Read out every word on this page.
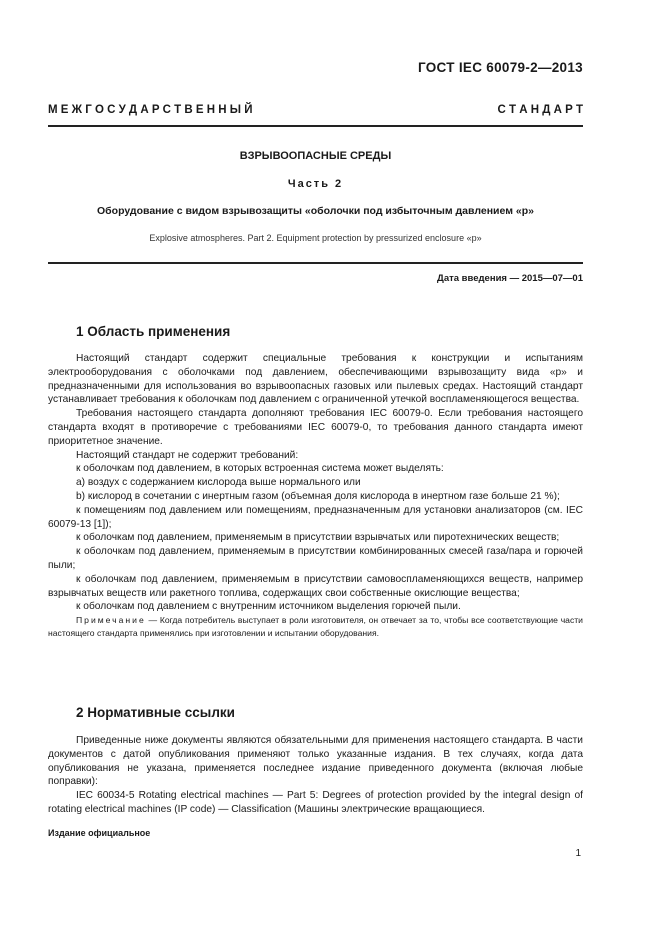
ГОСТ IEC 60079-2—2013
М Е Ж Г О С У Д А Р С Т В Е Н Н Ы Й	С Т А Н Д А Р Т
ВЗРЫВООПАСНЫЕ СРЕДЫ
Часть 2
Оборудование с видом взрывозащиты «оболочки под избыточным давлением «р»
Explosive atmospheres. Part 2. Equipment protection by pressurized enclosure «р»
Дата введения — 2015—07—01
1 Область применения

Настоящий стандарт содержит специальные требования к конструкции и испытаниям электрооборудования с оболочками под давлением, обеспечивающими взрывозащиту вида «р» и предназначенными для использования во взрывоопасных газовых или пылевых средах. Настоящий стандарт устанавливает требования к оболочкам под давлением с ограниченной утечкой воспламеняющегося вещества.

Требования настоящего стандарта дополняют требования IEC 60079-0. Если требования настоящего стандарта входят в противоречие с требованиями IEC 60079-0, то требования данного стандарта имеют приоритетное значение.

Настоящий стандарт не содержит требований:

к оболочкам под давлением, в которых встроенная система может выделять:

a) воздух с содержанием кислорода выше нормального или

b) кислород в сочетании с инертным газом (объемная доля кислорода в инертном газе больше 21 %);

к помещениям под давлением или помещениям, предназначенным для установки анализаторов (см. IEC 60079-13 [1]);

к оболочкам под давлением, применяемым в присутствии взрывчатых или пиротехнических веществ;

к оболочкам под давлением, применяемым в присутствии комбинированных смесей газа/пара и горючей пыли;

к оболочкам под давлением, применяемым в присутствии самовоспламеняющихся веществ, например взрывчатых веществ или ракетного топлива, содержащих свои собственные окислющие вещества;

к оболочкам под давлением с внутренним источником выделения горючей пыли.

Примечание — Когда потребитель выступает в роли изготовителя, он отвечает за то, чтобы все соответствующие части настоящего стандарта применялись при изготовлении и испытании оборудования.

2 Нормативные ссылки

Приведенные ниже документы являются обязательными для применения настоящего стандарта. В части документов с датой опубликования применяют только указанные издания. В тех случаях, когда дата опубликования не указана, применяется последнее издание приведенного документа (включая любые поправки):

IEC 60034-5 Rotating electrical machines — Part 5: Degrees of protection provided by the integral design of rotating electrical machines (IP code) — Classification (Машины электрические вращающиеся.

Издание официальное
1
